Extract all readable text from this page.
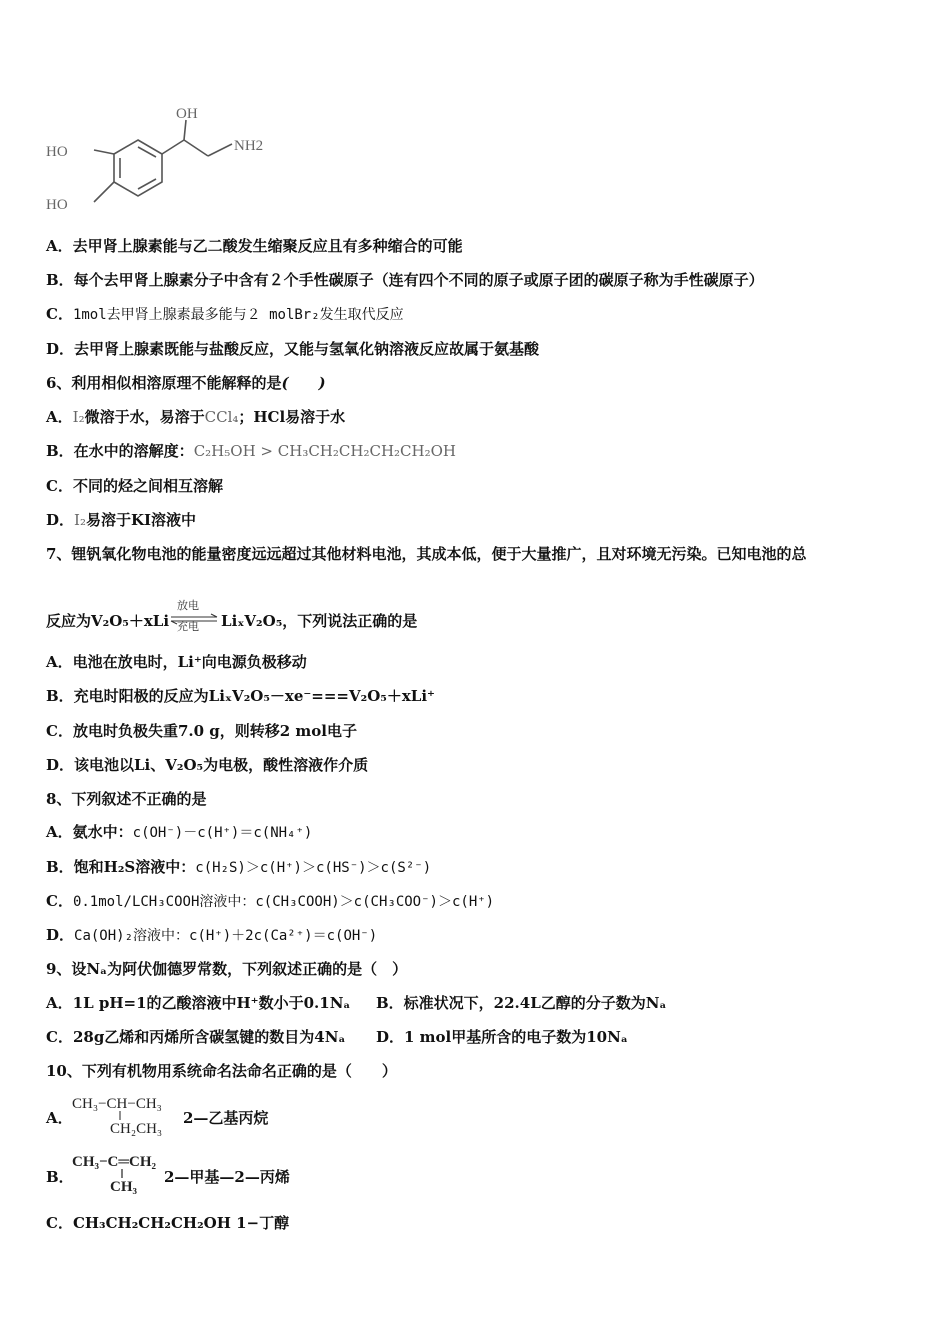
OH
NH2
HO
HO
A．去甲肾上腺素能与乙二酸发生缩聚反应且有多种缩合的可能
B．每个去甲肾上腺素分子中含有２个手性碳原子（连有四个不同的原子或原子团的碳原子称为手性碳原子）
C．1mol去甲肾上腺素最多能与２ molBr₂发生取代反应
D．去甲肾上腺素既能与盐酸反应，又能与氢氧化钠溶液反应故属于氨基酸
6、利用相似相溶原理不能解释的是(　　)
A．I₂微溶于水，易溶于CCl₄；HCl易溶于水
B．在水中的溶解度：C₂H₅OH > CH₃CH₂CH₂CH₂CH₂OH
C．不同的烃之间相互溶解
D．I₂易溶于KI溶液中
7、锂钒氧化物电池的能量密度远远超过其他材料电池，其成本低，便于大量推广，且对环境无污染。已知电池的总
反应为V₂O₅＋xLi
放电
充电 LiₓV₂O₅，下列说法正确的是
A．电池在放电时，Li⁺向电源负极移动
B．充电时阳极的反应为LiₓV₂O₅－xe⁻===V₂O₅＋xLi⁺
C．放电时负极失重7.0 g，则转移2 mol电子
D．该电池以Li、V₂O₅为电极，酸性溶液作介质
8、下列叙述不正确的是
A．氨水中：c(OH⁻)－c(H⁺)＝c(NH₄⁺)
B．饱和H₂S溶液中：c(H₂S)＞c(H⁺)＞c(HS⁻)＞c(S²⁻)
C．0.1mol/LCH₃COOH溶液中：c(CH₃COOH)＞c(CH₃COO⁻)＞c(H⁺)
D．Ca(OH)₂溶液中：c(H⁺)＋2c(Ca²⁺)＝c(OH⁻)
9、设Nₐ为阿伏伽德罗常数，下列叙述正确的是（　）
A．1L pH=1的乙酸溶液中H⁺数小于0.1Nₐ B．标准状况下，22.4L乙醇的分子数为Nₐ
C．28g乙烯和丙烯所含碳氢键的数目为4Nₐ D．1 mol甲基所含的电子数为10Nₐ
10、下列有机物用系统命名法命名正确的是（　　）
A．
CH₃−CH−CH₃
CH₂CH₃
2—乙基丙烷
B．
CH₃−C═CH₂
CH₃
2—甲基—2—丙烯
C．CH₃CH₂CH₂CH₂OH 1−丁醇
